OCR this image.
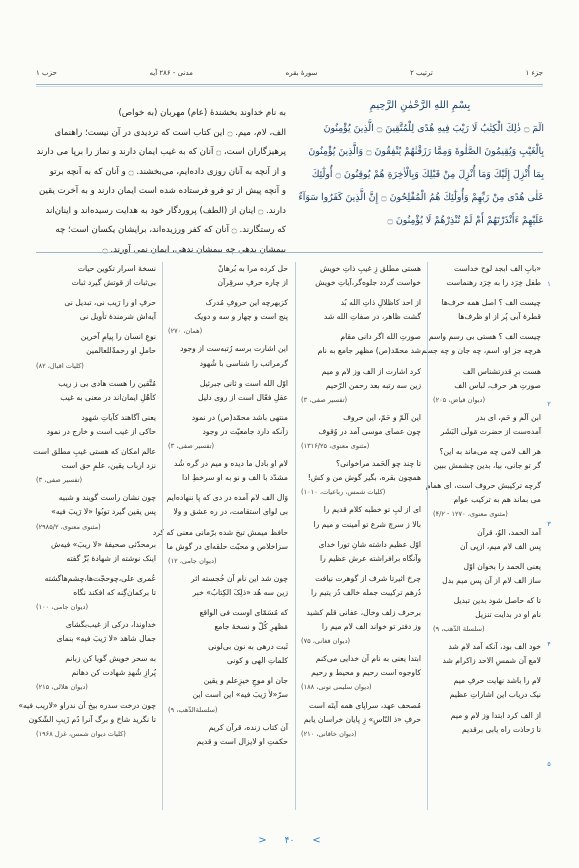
جزء ۱
ترتیب ۲
سورهٔ بقره
مدنی - ۲۸۶ آیه
حزب ۱
بِسْمِ اللهِ الرَّحْمٰنِ الرَّحِيمِ
الٓمٓ ۝ ذٰلِكَ الْكِتٰبُ لَا رَيْبَ فِيهِ هُدًى لِلْمُتَّقِينَ ۝ الَّذِينَ يُؤْمِنُونَ
بِالْغَيْبِ وَيُقِيمُونَ الصَّلٰوةَ وَمِمَّا رَزَقْنٰهُمْ يُنْفِقُونَ ۝ وَالَّذِينَ يُؤْمِنُونَ
بِمَا أُنْزِلَ إِلَيْكَ وَمَا أُنْزِلَ مِنْ قَبْلِكَ وَبِالْاٰخِرَةِ هُمْ يُوقِنُونَ ۝ أُولٰٓئِكَ
عَلٰى هُدًى مِنْ رَبِّهِمْ وَأُولٰٓئِكَ هُمُ الْمُفْلِحُونَ ۝ إِنَّ الَّذِينَ كَفَرُوا سَوَآءٌ
عَلَيْهِمْ ءَأَنْذَرْتَهُمْ أَمْ لَمْ تُنْذِرْهُمْ لَا يُؤْمِنُونَ ۝
به نام خداوند بخشندهٔ (عام) مهربان (به خواص)
الف، لام، میم. ۝ این کتاب است که تردیدی در آن نیست؛ راهنمای
پرهیزگاران است، ۝ آنان که به غیب ایمان دارند و نماز را برپا می دارند
و از آنچه به آنان روزی داده‌ایم، می‌بخشند. ۝ و آنان که به آنچه برتو
و آنچه پیش از تو فرو فرستاده شده است ایمان دارند و به آخرت یقین
دارند. ۝ اینان از (الطف) پروردگار خود به هدایت رسیده‌اند و اینان‌اند
که رستگارند. ۝ آنان که کفر ورزیده‌اند، برایشان یکسان است؛ چه
بیمشان بدهی چه بیمشان ندهی، ایمان نمی آورند. ۝
«بابِ الف ابجد لوح خداست
طفل خِرَد را به خِرَد رهنماست
چیست الف ؟ اصل همه حرف‌ها
قطرهٔ آبی پُر از او ظرف‌ها
چیست الف ؟ هستی بی رسم واسم
هرچه جز او، اسم، چه جان و چه جسم
هست برِ قدرتشناس الف
صورتِ هر حرف، لباس الف
(دیوان قیاض، ۲۰۵)
ابن اَلَم و حَم، ای بدر
آمده‌ست از حضرت مَولَی البَشَر
هر الف لامی چه می‌ماند به این؟
گر تو جانی، بیا، بدین چشمش ببین
گرچه ترکیبش حروف است، ای همام
می بماند هم به ترکیب عوام
(مثنوی معنوی، ۱۲۷۰ - ۴/۲)
آمد الحمد، الوُ، قرآن
پس الف لام میم، ازپی آن
یعنی الحمد را بخوان اوّل
ساز الف لام از آن پس میم بدل
تا که حاصل شود بدین تبدیل
نام او در بدایت تنزیل
(سلسلة الذّهب، ۹)
خود الف بود، آنکه آمد لام شد
لامع آن شمسِ الاحد زاکرام شد
لام را باشد نهایت حرفِ میم
نیک دریاب این اشاراتِ عظیم
از الف کرد ابتدا وز لام و میم
تا رَحاذت راه یابی برقدیم
هستی مطلق زِ غیبِ ذاتِ خویش
خواست گردد جلوه‌گر،آیاتِ خویش
از احد کاظلالِ ذاتِ الله بُد
گشت ظاهر، در صفاتِ الله شد
صورتِ الله اگر دانی مقام
شد محمّد(ص) مظهر جامع به نام
کرد اشارت از الف وز لام و میم
زین سه رتبه بعد رحمن الرّحیم
(تفسیر صفی، ۳)
این اَلَمّ و حَمّ، این حروف
چون عصای موسی آمد در وُقوف
(مثنوی معنوی، ۱۳۱۶/۲۵)
تا چند چو اَلحَمد مراخوانی؟
همچون بقره، بگیر گوش من و کش!
(کلیات شمس، رباعیات، ۱۰۱۰)
ای از لبِ تو خطبه کلام قدیم را
بالا ز سرچ شرع تو اَمینت و میم را
اوّل عظیم داشته شانِ تورا خدای
وآنگاه برافراشته عرش عظیم را
چرخ اثیرتا شرف از گوهرت نیافت
دُرهم ترکیبت جمله خالف دُر یتیم را
برحرف زلف وخال، عفانی قلم کشید
وز دفتر تو خواند الف لام میم را
(دیوان فغانی، ۷۵)
ابتدا یعنی به نام آن خدایی می‌کنم
کاوجوه است رحیم و محیط و رحیم
(دیوان سلیمی تونی، ۱۸۸)
مُصحف عهد، سراپای همه آیتَه است
حرفِ «ذ النّاسِ» زِ پایان خراسان یابم
(دیوان خاقانی، ۲۱۰)
حل کرده مرا به بُرهانْ
از چاره حرفِ سرقِرآن
کزبهرچه این حروفِ مُدرک
پنج است و چهار و سه و دویک
(همان، ۲۷۰)
این اشارت برسه رُتبه‌ست از وجود
گرمراتب را شناسی با شُهود
اوّل الله است و ثانی جبرئیل
عقلِ فعّال است از روی دلیل
منتهی باشد محمّد(ص) در نمود
زآنکه دارد جامعیّت در وجود
(تفسیر صفی، ۳)
لام او بادل ما دیده و میم در گره شُد
مشدّد با الف و نو به او سرخطِ ادا
وَال الف لام آمده در دی که پا ننهاده‌ایم
بی لوای استقامت، در ره عشق و ولا
حافظ میمش تبخ شده برّمانی معنی که کرد
سزاخلاص و محبّت حلقه‌ای در گوش ما
(دیوان جامی، ۱۲)
چون شد این نام آن خُجسته اثر
زین سه هُد «ذلِکَ الکِتابُ» خبر
که مُسَمّای اوست فی الواقع
مَظهرِ کُلّ و نسخهٔ جامع
ثَبت درهی به نون بی‌لونی
کلماتِ الهی و کونی
جان او موجِ خیزِعلم و یقین
سرّ«لاٰ رَیبَ فیه» این است این
(سلسلةالذّهب، ۹)
آن کتاب زنده، قرآن کریم
حکمتِ او لایزال است و قدیم
نسخهٔ اسرار تکوین حیات
بی‌ثبات از قوتش گیرد ثبات
حرفِ او را رَیب نی، تبدیل نی
آیه‌اش شرمندهٔ تأویل نی
نوعِ انسان را پیامِ آخرین
حاملِ او رحمةٌللعالمین
(کلیات اقبال، ۸۲)
مُتَّقین را هست هادی بی ز ریب
کاَهْلِ ایمان‌اند در معنی به غیب
یعنی آگاهند کآیاتِ شهود
حاکی از غیب است و خارج در نمود
عالم امکان که هستی غیبِ مطلق است
نزد ارباب یقین، علمِ حق است
(تفسیر صفی، ۳)
چون نشان راست گویند و شبیه
پس یقین گیرد توبُوا «لا رَیبَ فیه»
(مثنوی معنوی، ۲۹۸۵/۲)
برمحدّثی صحیفهٔ «لا ریبَ» فیه‌ش
اینک نوشته از شهادهٔ بُرِّ گفته
عُمری علی،چوحجّت‌ها،چشم‌ها‌گشته
تا برکمان‌گِنه که افکند نگاه
(دیوان جامی، ۱۰۰)
خداوندا، درکی از غیب‌بگشای
جمال شاهد «لا رَیبَ فیه» بنمای
به سحر خویش گویا کن زبانم
پُرازِ شُهدِ شهادت کن دهانم
(دیوان هلالی، ۲۱۵)
چون درخت سدره بیخ آن ندراو «لاریب فیه»
تا نگرید شاخ و برگ آنرا دُم زَیبِ الشّکون
(کلیات دیوان شمس، غزل ۱۹۶۸)
۱
۲
۳
۴
۵
> ۴۰ <
